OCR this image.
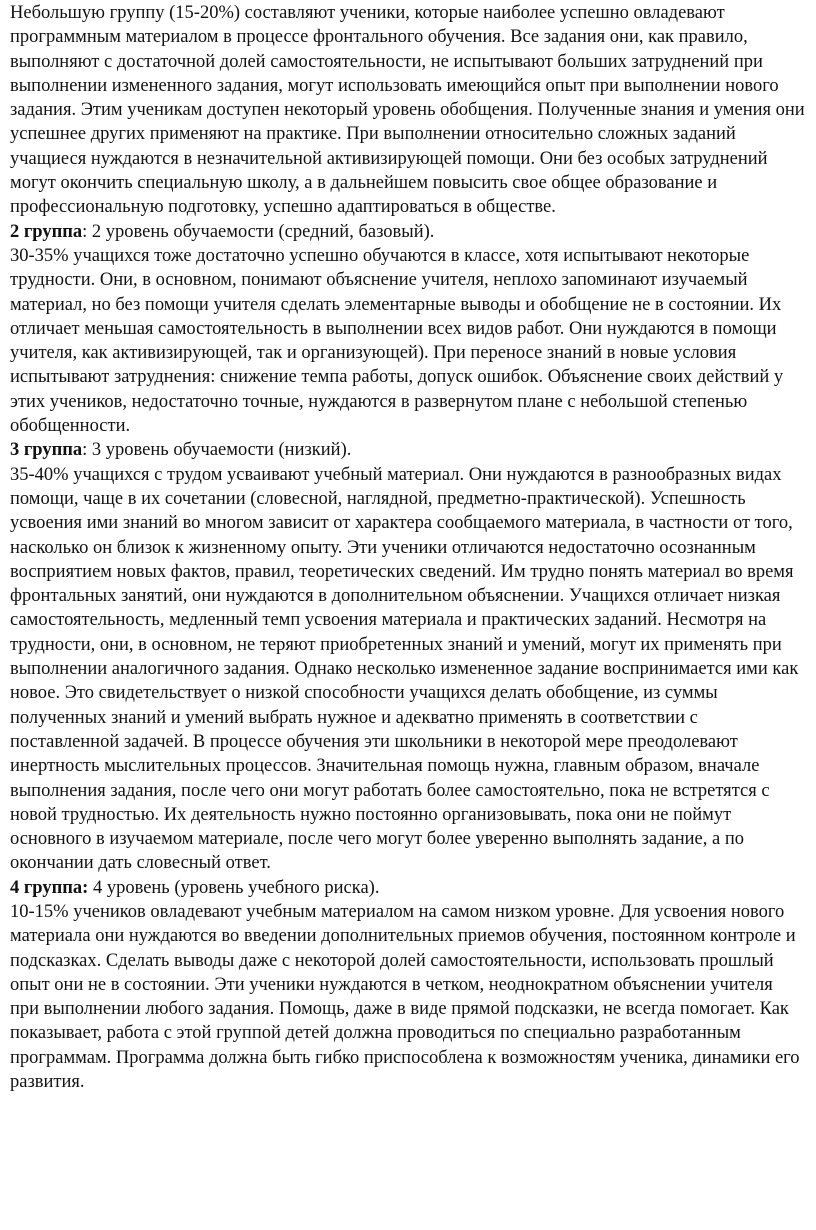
Небольшую группу (15-20%) составляют ученики, которые наиболее успешно овладевают программным материалом в процессе фронтального обучения. Все задания они, как правило, выполняют с достаточной долей самостоятельности, не испытывают больших затруднений при выполнении измененного задания, могут использовать имеющийся опыт при выполнении нового задания. Этим ученикам доступен некоторый уровень обобщения. Полученные знания и умения они успешнее других применяют на практике. При выполнении относительно сложных заданий учащиеся нуждаются в незначительной активизирующей помощи. Они без особых затруднений могут окончить специальную школу, а в дальнейшем повысить свое общее образование и профессиональную подготовку, успешно адаптироваться в обществе.

2 группа: 2 уровень обучаемости (средний, базовый).

30-35% учащихся тоже достаточно успешно обучаются в классе, хотя испытывают некоторые трудности. Они, в основном, понимают объяснение учителя, неплохо запоминают изучаемый материал, но без помощи учителя сделать элементарные выводы и обобщение не в состоянии. Их отличает меньшая самостоятельность в выполнении всех видов работ. Они нуждаются в помощи учителя, как активизирующей, так и организующей). При переносе знаний в новые условия испытывают затруднения: снижение темпа работы, допуск ошибок. Объяснение своих действий у этих учеников, недостаточно точные, нуждаются в развернутом плане с небольшой степенью обобщенности.

3 группа: 3 уровень обучаемости (низкий).

35-40% учащихся с трудом усваивают учебный материал. Они нуждаются в разнообразных видах помощи, чаще в их сочетании (словесной, наглядной, предметно-практической). Успешность усвоения ими знаний во многом зависит от характера сообщаемого материала, в частности от того, насколько он близок к жизненному опыту. Эти ученики отличаются недостаточно осознанным восприятием новых фактов, правил, теоретических сведений. Им трудно понять материал во время фронтальных занятий, они нуждаются в дополнительном объяснении. Учащихся отличает низкая самостоятельность, медленный темп усвоения материала и практических заданий. Несмотря на трудности, они, в основном, не теряют приобретенных знаний и умений, могут их применять при выполнении аналогичного задания. Однако несколько измененное задание воспринимается ими как новое. Это свидетельствует о низкой способности учащихся делать обобщение, из суммы полученных знаний и умений выбрать нужное и адекватно применять в соответствии с поставленной задачей. В процессе обучения эти школьники в некоторой мере преодолевают инертность мыслительных процессов. Значительная помощь нужна, главным образом, вначале выполнения задания, после чего они могут работать более самостоятельно, пока не встретятся с новой трудностью. Их деятельность нужно постоянно организовывать, пока они не поймут основного в изучаемом материале, после чего могут более уверенно выполнять задание, а по окончании дать словесный ответ.

4 группа: 4 уровень (уровень учебного риска).

10-15% учеников овладевают учебным материалом на самом низком уровне. Для усвоения нового материала они нуждаются во введении дополнительных приемов обучения, постоянном контроле и подсказках. Сделать выводы даже с некоторой долей самостоятельности, использовать прошлый опыт они не в состоянии. Эти ученики нуждаются в четком, неоднократном объяснении учителя при выполнении любого задания. Помощь, даже в виде прямой подсказки, не всегда помогает. Как показывает, работа с этой группой детей должна проводиться по специально разработанным программам. Программа должна быть гибко приспособлена к возможностям ученика, динамики его развития.
